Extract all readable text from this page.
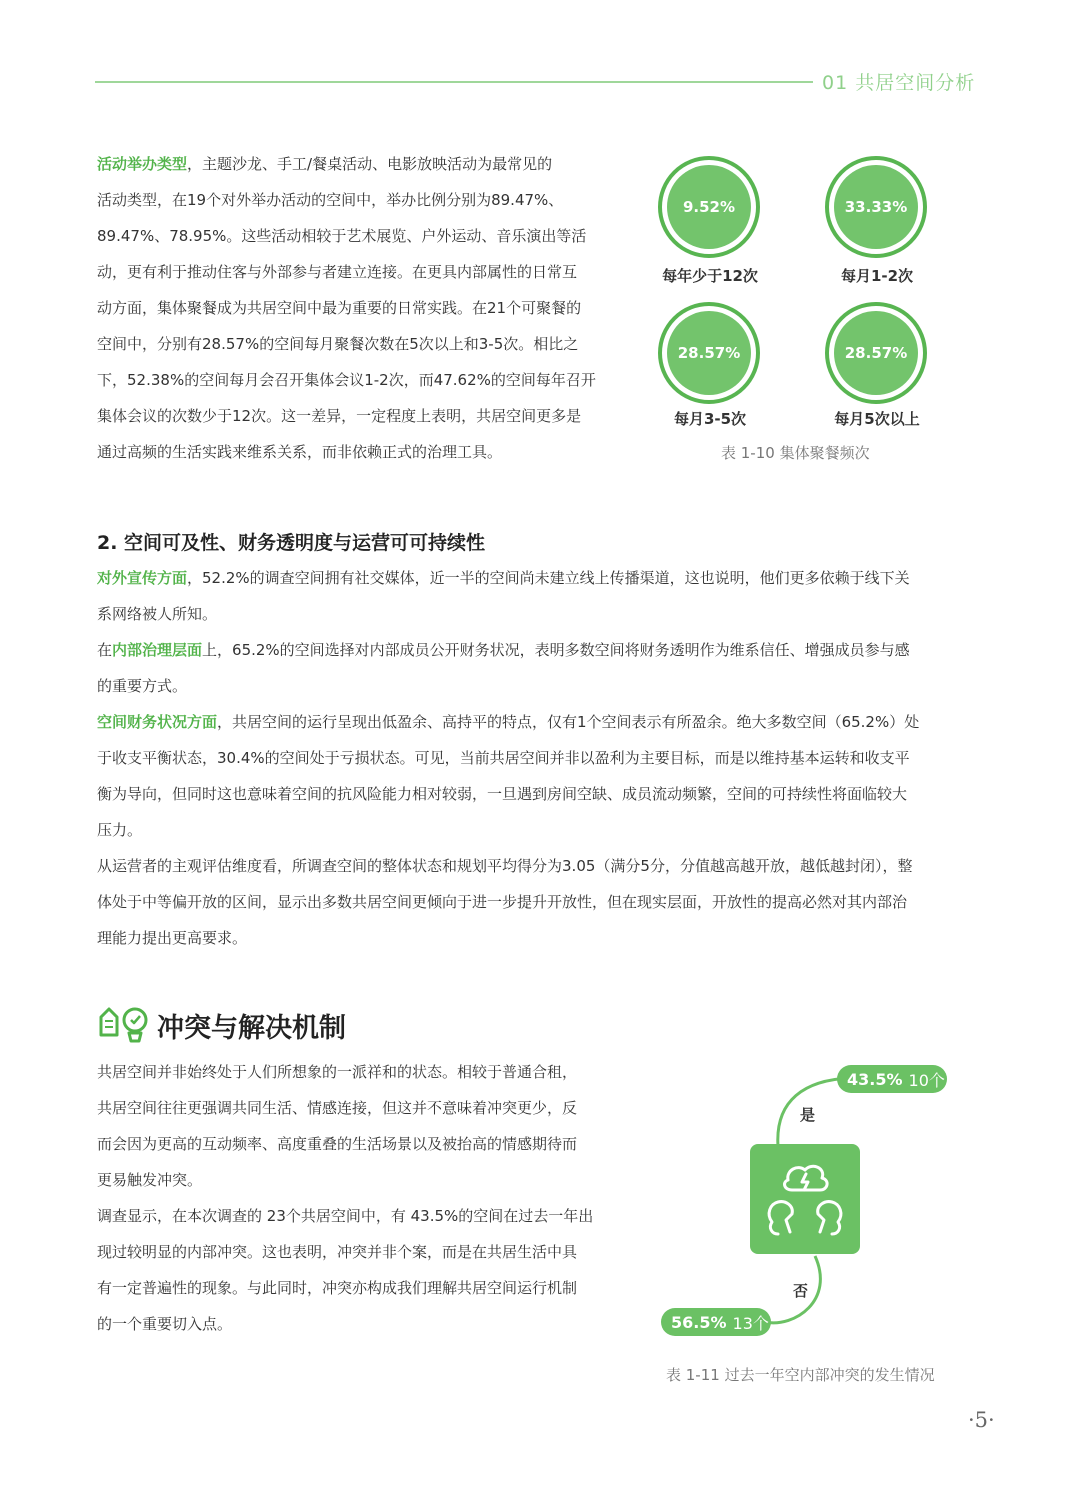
01 共居空间分析
活动举办类型，主题沙龙、手工/餐桌活动、电影放映活动为最常见的
活动类型，在19个对外举办活动的空间中，举办比例分别为89.47%、
89.47%、78.95%。这些活动相较于艺术展览、户外运动、音乐演出等活
动，更有利于推动住客与外部参与者建立连接。在更具内部属性的日常互
动方面，集体聚餐成为共居空间中最为重要的日常实践。在21个可聚餐的
空间中，分别有28.57%的空间每月聚餐次数在5次以上和3-5次。相比之
下，52.38%的空间每月会召开集体会议1-2次，而47.62%的空间每年召开
集体会议的次数少于12次。这一差异，一定程度上表明，共居空间更多是
通过高频的生活实践来维系关系，而非依赖正式的治理工具。
9.52%
每年少于12次
33.33%
每月1-2次
28.57%
每月3-5次
28.57%
每月5次以上
表 1-10 集体聚餐频次
2. 空间可及性、财务透明度与运营可可持续性
对外宣传方面，52.2%的调查空间拥有社交媒体，近一半的空间尚未建立线上传播渠道，这也说明，他们更多依赖于线下关
系网络被人所知。
在内部治理层面上，65.2%的空间选择对内部成员公开财务状况，表明多数空间将财务透明作为维系信任、增强成员参与感
的重要方式。
空间财务状况方面，共居空间的运行呈现出低盈余、高持平的特点，仅有1个空间表示有所盈余。绝大多数空间（65.2%）处
于收支平衡状态，30.4%的空间处于亏损状态。可见，当前共居空间并非以盈利为主要目标，而是以维持基本运转和收支平
衡为导向，但同时这也意味着空间的抗风险能力相对较弱，一旦遇到房间空缺、成员流动频繁，空间的可持续性将面临较大
压力。
从运营者的主观评估维度看，所调查空间的整体状态和规划平均得分为3.05（满分5分，分值越高越开放，越低越封闭），整
体处于中等偏开放的区间，显示出多数共居空间更倾向于进一步提升开放性，但在现实层面，开放性的提高必然对其内部治
理能力提出更高要求。
冲突与解决机制
共居空间并非始终处于人们所想象的一派祥和的状态。相较于普通合租，
共居空间往往更强调共同生活、情感连接，但这并不意味着冲突更少，反
而会因为更高的互动频率、高度重叠的生活场景以及被抬高的情感期待而
更易触发冲突。
调查显示，在本次调查的 23个共居空间中，有 43.5%的空间在过去一年出
现过较明显的内部冲突。这也表明，冲突并非个案，而是在共居生活中具
有一定普遍性的现象。与此同时，冲突亦构成我们理解共居空间运行机制
的一个重要切入点。
43.5% 10个
是
否
56.5% 13个
表 1-11 过去一年空内部冲突的发生情况
·5·
